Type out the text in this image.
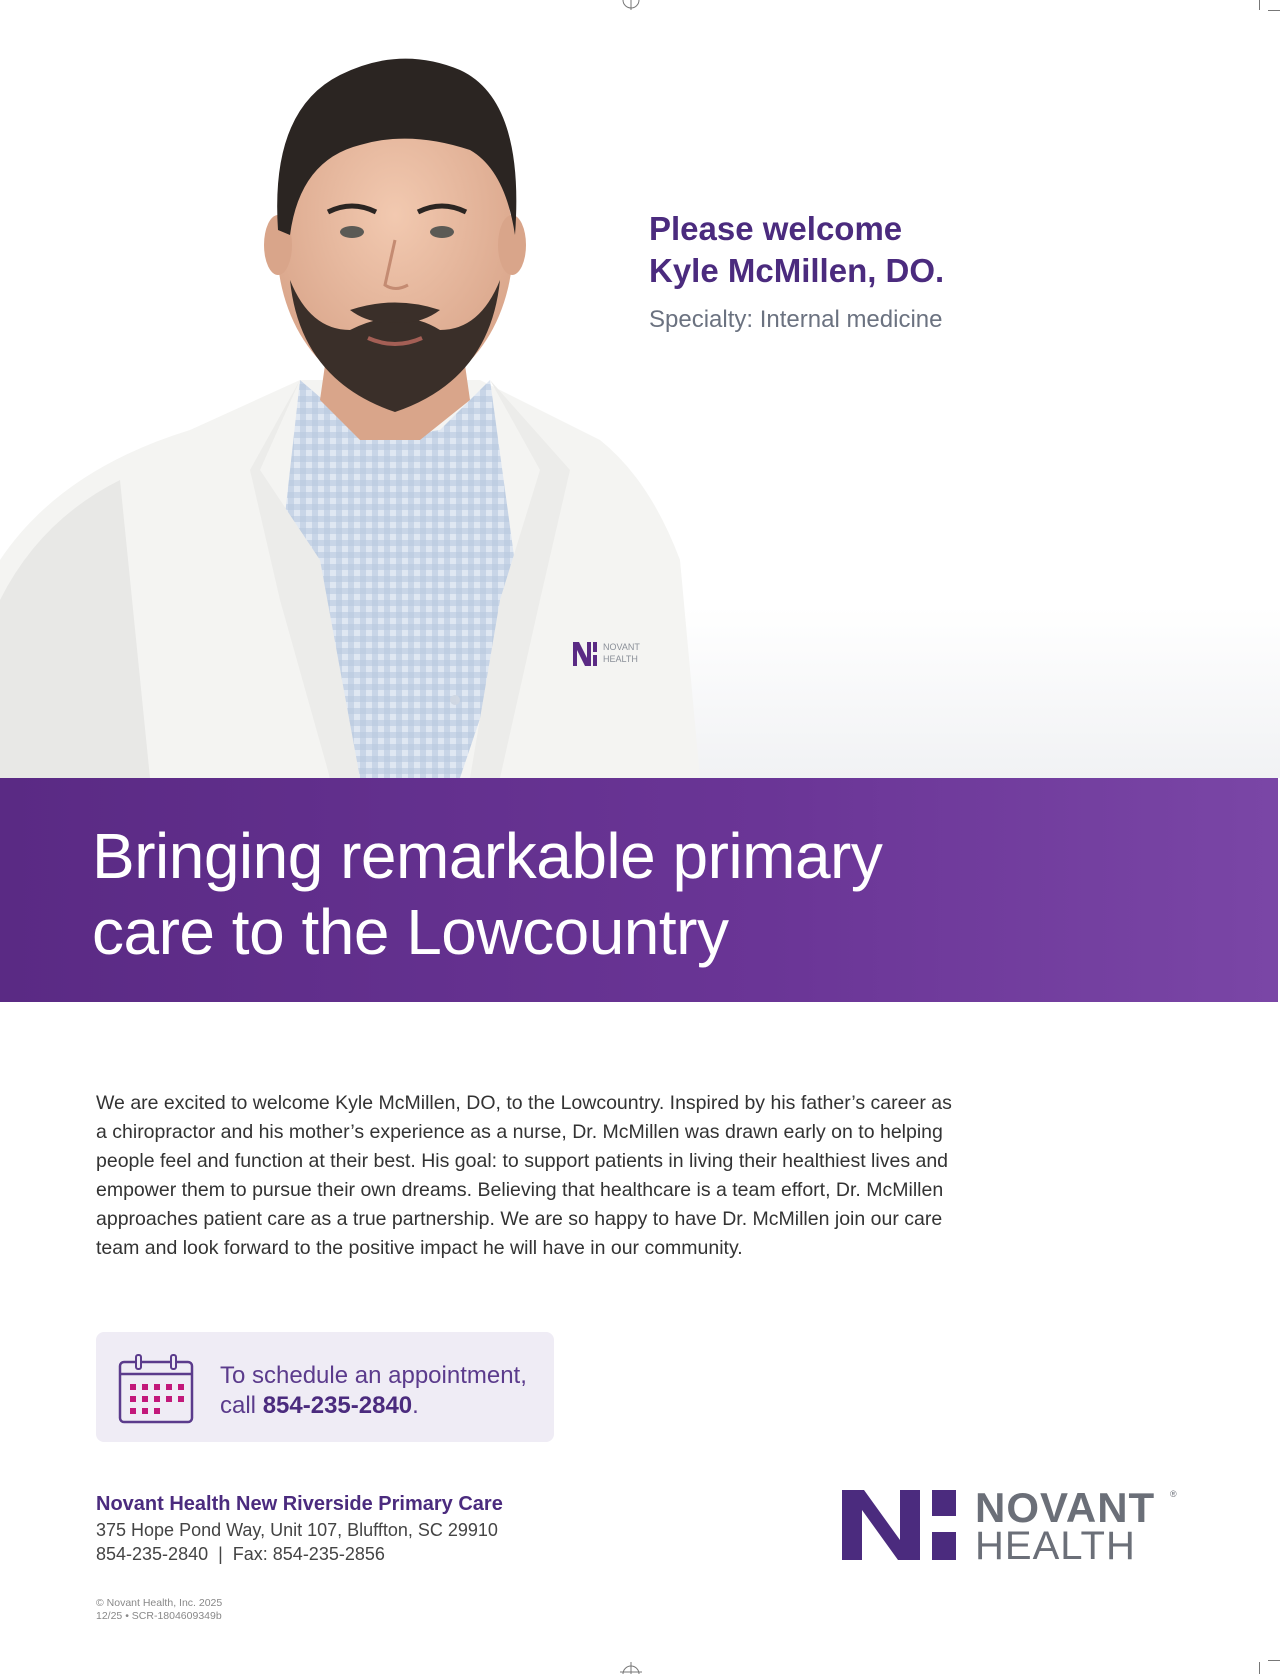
NOVANT
HEALTH
Please welcome
Kyle McMillen, DO.
Specialty: Internal medicine
Bringing remarkable primary
care to the Lowcountry
We are excited to welcome Kyle McMillen, DO, to the Lowcountry. Inspired by his father’s career as a chiropractor and his mother’s experience as a nurse, Dr. McMillen was drawn early on to helping people feel and function at their best. His goal: to support patients in living their healthiest lives and empower them to pursue their own dreams. Believing that healthcare is a team effort, Dr. McMillen approaches patient care as a true partnership. We are so happy to have Dr. McMillen join our care team and look forward to the positive impact he will have in our community.
To schedule an appointment,
call 854-235-2840.
Novant Health New Riverside Primary Care
375 Hope Pond Way, Unit 107, Bluffton, SC 29910
854-235-2840  |  Fax: 854-235-2856
© Novant Health, Inc. 2025
12/25 • SCR-1804609349b
NOVANT
HEALTH
®
